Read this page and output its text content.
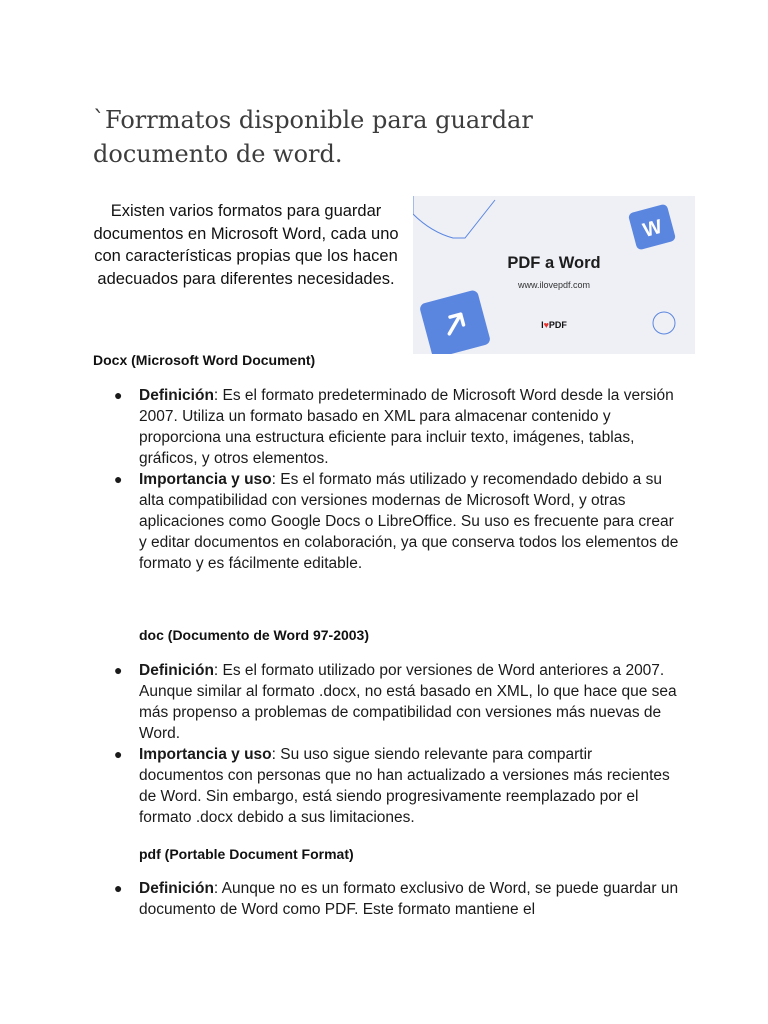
`Forrmatos disponible para guardar documento de word.
Existen varios formatos para guardar documentos en Microsoft Word, cada uno con características propias que los hacen adecuados para diferentes necesidades.
W
PDF a Word
www.ilovepdf.com
I♥PDF
Docx (Microsoft Word Document)
● Definición: Es el formato predeterminado de Microsoft Word desde la versión 2007. Utiliza un formato basado en XML para almacenar contenido y proporciona una estructura eficiente para incluir texto, imágenes, tablas, gráficos, y otros elementos.
● Importancia y uso: Es el formato más utilizado y recomendado debido a su alta compatibilidad con versiones modernas de Microsoft Word, y otras aplicaciones como Google Docs o LibreOffice. Su uso es frecuente para crear y editar documentos en colaboración, ya que conserva todos los elementos de formato y es fácilmente editable.
doc (Documento de Word 97-2003)
● Definición: Es el formato utilizado por versiones de Word anteriores a 2007. Aunque similar al formato .docx, no está basado en XML, lo que hace que sea más propenso a problemas de compatibilidad con versiones más nuevas de Word.
● Importancia y uso: Su uso sigue siendo relevante para compartir documentos con personas que no han actualizado a versiones más recientes de Word. Sin embargo, está siendo progresivamente reemplazado por el formato .docx debido a sus limitaciones.
pdf (Portable Document Format)
● Definición: Aunque no es un formato exclusivo de Word, se puede guardar un documento de Word como PDF. Este formato mantiene el
